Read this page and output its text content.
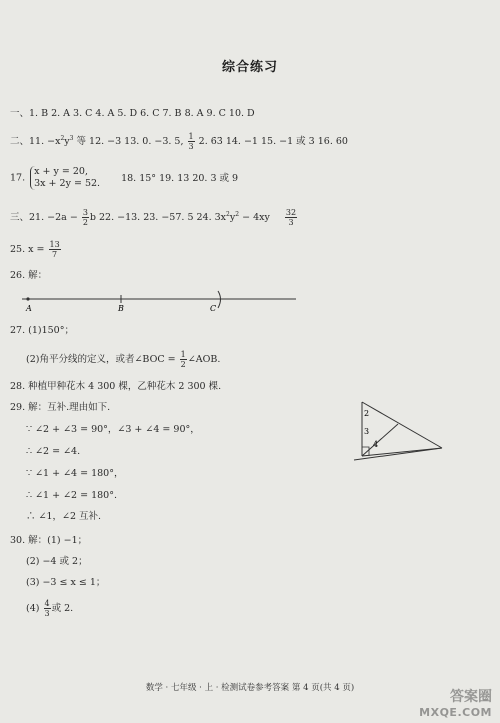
综合练习
一、1. B 2. A 3. C 4. A 5. D 6. C 7. B 8. A 9. C 10. D
二、11. $-x^2y^3$ 等 12. −3 13. 0. −3. 5, $\frac{1}{3} 2$. 6̇3̇ 14. −1 15. −1 或 3 16. 60
17.
x + y = 20,
3x + 2y = 52. 18. 15° 19. 13 20. 3 或 9
三、21. $-2a - \frac{3}{2}$ b 22. −13. 23. −57. 5 24. $3x^2y^2 - 4xy \frac{32}{3}$
25. $x = \frac{13}{7}$
26. 解：
A	B	C
27. (1)150°；
(2)角平分线的定义，或者∠BOC = $\frac{1}{2}$ ∠AOB.
28. 种植甲种花木 4 300 棵，乙种花木 2 300 棵.
29. 解：互补.理由如下.
∵ ∠2 + ∠3 = 90°，∠3 + ∠4 = 90°，
∴ ∠2 = ∠4.
∵ ∠1 + ∠4 = 180°，
∴ ∠1 + ∠2 = 180°.
∴ ∠1，∠2 互补.
2
3
4
30. 解：(1) −1；
(2) −4 或 2；
(3) −3 ≤ x ≤ 1；
$(4) \frac{4}{3}$ 或 2.
数学 · 七年级 · 上 · 检测试卷参考答案 第 4 页(共 4 页)
答案圈
MXQE.COM
